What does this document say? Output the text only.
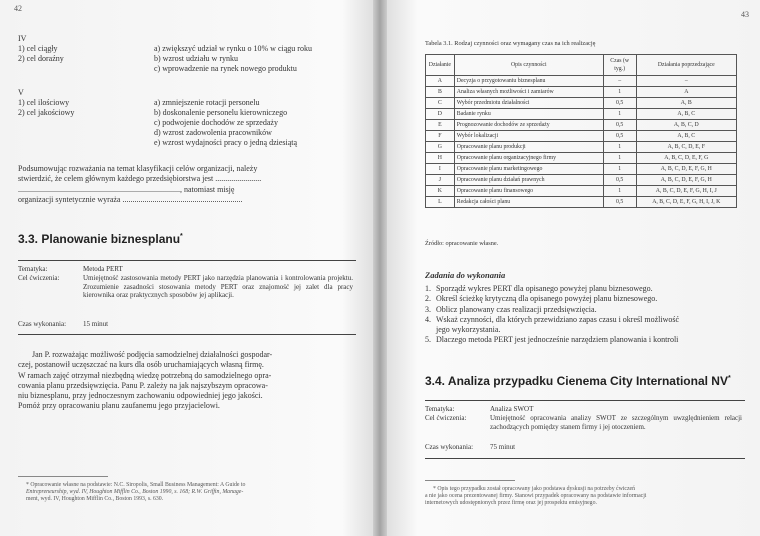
42
IV
1) cel ciągły
2) cel doraźny
a) zwiększyć udział w rynku o 10% w ciągu roku
b) wzrost udziału w rynku
c) wprowadzenie na rynek nowego produktu
V
1) cel ilościowy
2) cel jakościowy
a) zmniejszenie rotacji personelu
b) doskonalenie personelu kierowniczego
c) podwojenie dochodów ze sprzedaży
d) wzrost zadowolenia pracowników
e) wzrost wydajności pracy o jedną dziesiątą
Podsumowując rozważania na temat klasyfikacji celów organizacji, należy
stwierdzić, że celem głównym każdego przedsiębiorstwa jest .......................
................................................................................., natomiast misję
organizacji syntetycznie wyraża ............................................................
3.3. Planowanie biznesplanu*
Tematyka:	Metoda PERT
Cel ćwiczenia:	Umiejętność zastosowania metody PERT jako narzędzia planowania i kontrolowania projektu. Zrozumienie zasadności stosowania metody PERT oraz znajomość jej zalet dla pracy kierownika oraz praktycznych sposobów jej aplikacji.
Czas wykonania: 15 minut
Jan P. rozważając możliwość podjęcia samodzielnej działalności gospodar-
czej, postanowił uczęszczać na kurs dla osób uruchamiających własną firmę.
W ramach zajęć otrzymał niezbędną wiedzę potrzebną do samodzielnego opra-
cowania planu przedsięwzięcia. Panu P. zależy na jak najszybszym opracowa-
niu biznesplanu, przy jednoczesnym zachowaniu odpowiedniej jego jakości.
Pomóż przy opracowaniu planu zaufanemu jego przyjacielowi.
* Opracowanie własne na podstawie: N.C. Siropolis, Small Business Management: A Guide to
Entrepreneurship, wyd. IV, Houghton Mifflin Co., Boston 1990, s. 168; R.W. Griffin, Manage-
ment, wyd. IV, Houghton Mifflin Co., Boston 1993, s. 630.
43
Tabela 3.1. Rodzaj czynności oraz wymagany czas na ich realizację
Działanie	Opis czynności	Czas (w tyg.)	Działania poprzedzające
A	Decyzja o przygotowaniu biznesplanu	–	–
B	Analiza własnych możliwości i zamiarów	1	A
C	Wybór przedmiotu działalności	0,5	A, B
D	Badanie rynku	1	A, B, C
E	Prognozowanie dochodów ze sprzedaży	0,5	A, B, C, D
F	Wybór lokalizacji	0,5	A, B, C
G	Opracowanie planu produkcji	1	A, B, C, D, E, F
H	Opracowanie planu organizacyjnego firmy	1	A, B, C, D, E, F, G
I	Opracowanie planu marketingowego	1	A, B, C, D, E, F, G, H
J	Opracowanie planu działań prawnych	0,5	A, B, C, D, E, F, G, H
K	Opracowanie planu finansowego	1	A, B, C, D, E, F, G, H, I, J
L	Redakcja całości planu	0,5	A, B, C, D, E, F, G, H, I, J, K
Źródło: opracowanie własne.
Zadania do wykonania
1. Sporządź wykres PERT dla opisanego powyżej planu biznesowego.
2. Określ ścieżkę krytyczną dla opisanego powyżej planu biznesowego.
3. Oblicz planowany czas realizacji przedsięwzięcia.
4. Wskaż czynności, dla których przewidziano zapas czasu i określ możliwość
jego wykorzystania.
5. Dlaczego metoda PERT jest jednocześnie narzędziem planowania i kontroli
3.4. Analiza przypadku Cienema City International NV*
Tematyka:	Analiza SWOT
Cel ćwiczenia:	Umiejętność opracowania analizy SWOT ze szczególnym uwzględnieniem relacji zachodzących pomiędzy stanem firmy i jej otoczeniem.
Czas wykonania: 75 minut
* Opis tego przypadku został opracowany jako podstawa dyskusji na potrzeby ćwiczeń
a nie jako ocena prezentowanej firmy. Stanowi przypadek opracowany na podstawie informacji
internetowych udostępnionych przez firmę oraz jej prospektu emisyjnego.
